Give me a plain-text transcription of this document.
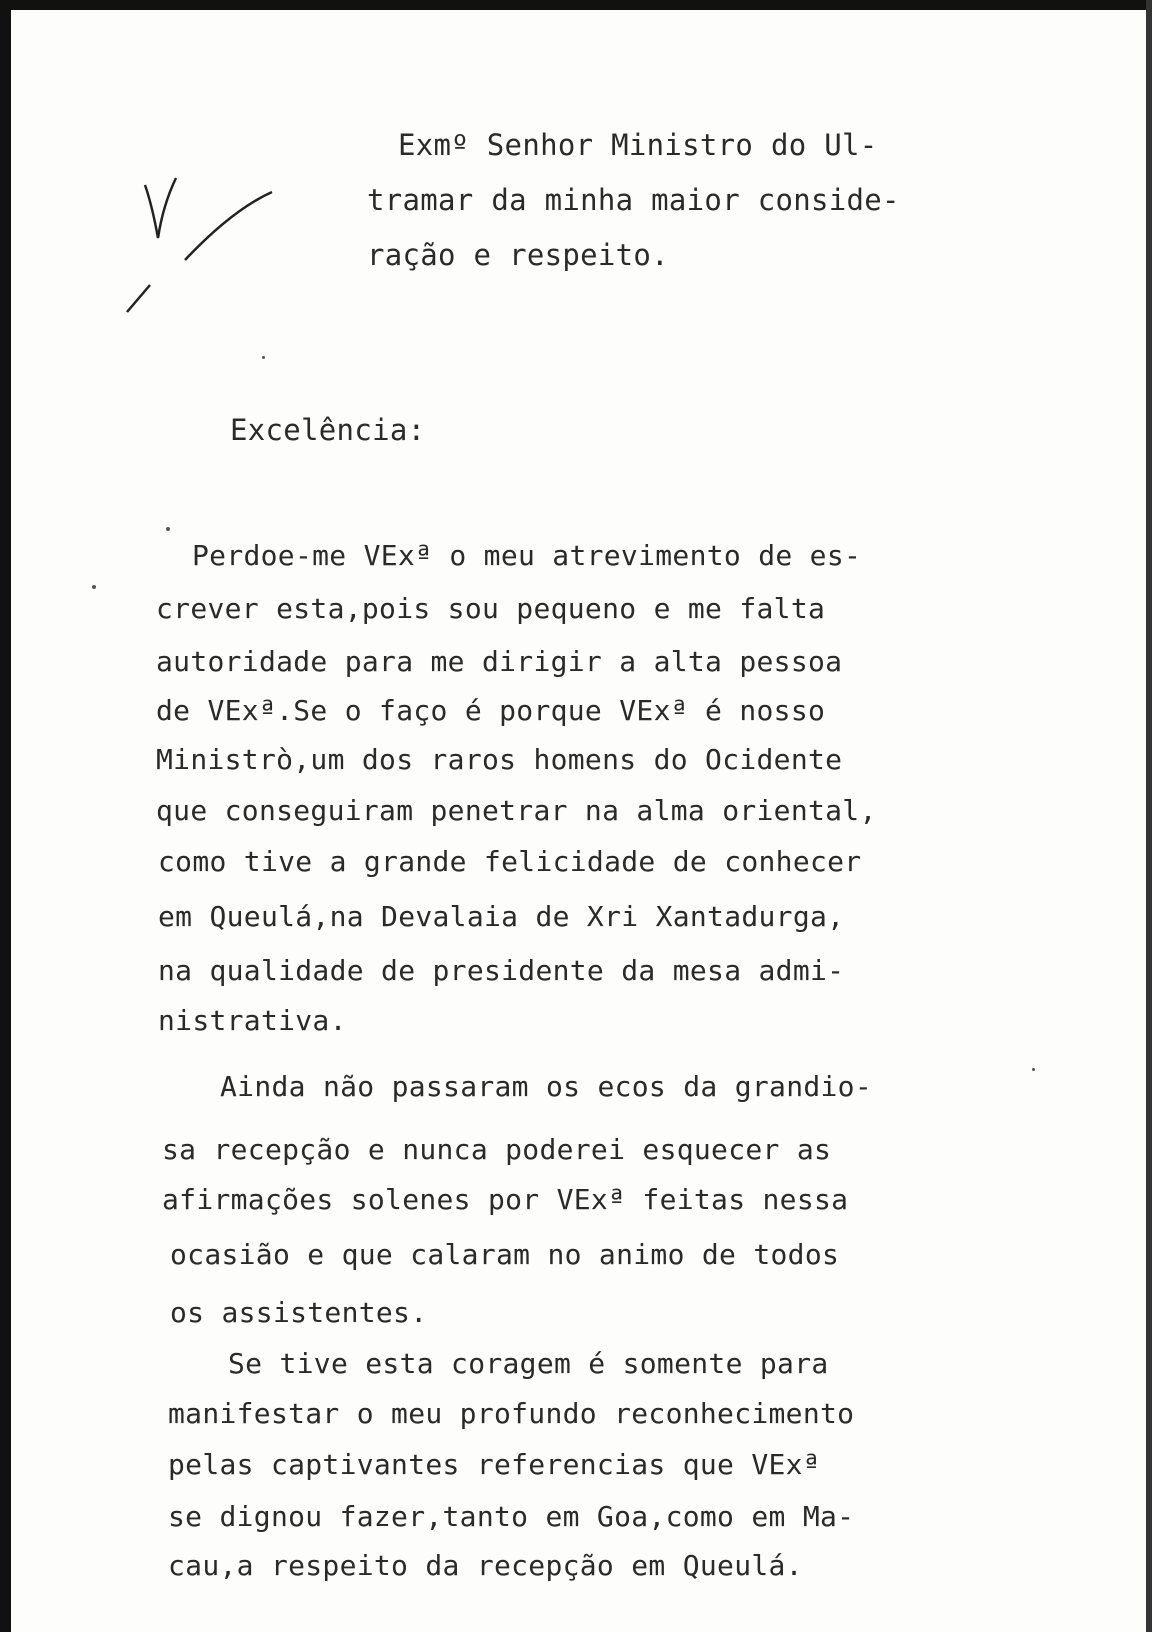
Exmº Senhor Ministro do Ul-
tramar da minha maior conside-
ração e respeito.
Excelência:
Perdoe-me VExª o meu atrevimento de es-
crever esta,pois sou pequeno e me falta
autoridade para me dirigir a alta pessoa
de VExª.Se o faço é porque VExª é nosso
Ministrò,um dos raros homens do Ocidente
que conseguiram penetrar na alma oriental,
como tive a grande felicidade de conhecer
em Queulá,na Devalaia de Xri Xantadurga,
na qualidade de presidente da mesa admi-
nistrativa.
Ainda não passaram os ecos da grandio-
sa recepção e nunca poderei esquecer as
afirmações solenes por VExª feitas nessa
ocasião e que calaram no animo de todos
os assistentes.
Se tive esta coragem é somente para
manifestar o meu profundo reconhecimento
pelas captivantes referencias que VExª
se dignou fazer,tanto em Goa,como em Ma-
cau,a respeito da recepção em Queulá.
